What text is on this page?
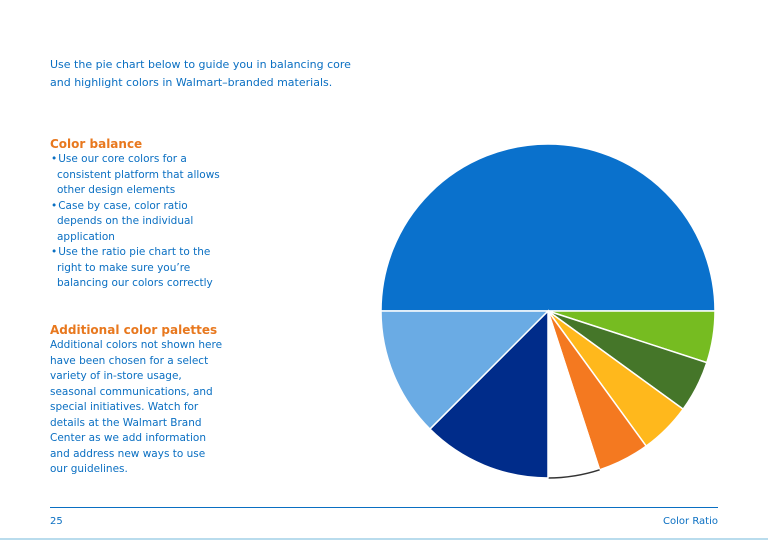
Use the pie chart below to guide you in balancing core and highlight colors in Walmart–branded materials.

Color balance
• Use our core colors for a consistent platform that allows other design elements
• Case by case, color ratio depends on the individual application
• Use the ratio pie chart to the right to make sure you’re balancing our colors correctly
Additional color palettes

Additional colors not shown here have been chosen for a select variety of in-store usage, seasonal communications, and special initiatives. Watch for details at the Walmart Brand Center as we add information and address new ways to use our guidelines.

25	Color Ratio
